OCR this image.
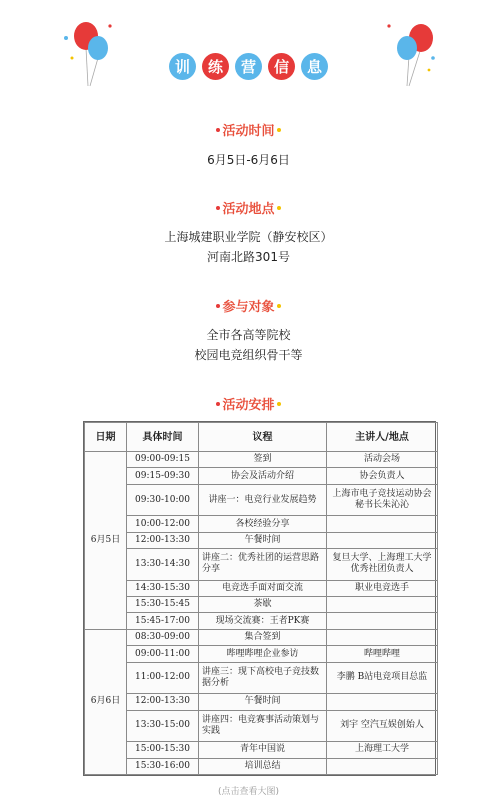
训	练	营	信	息
活动时间
6月5日-6月6日
活动地点
上海城建职业学院（静安校区）
河南北路301号
参与对象
全市各高等院校
校园电竞组织骨干等
活动安排
日期	具体时间	议程	主讲人/地点
6月5日	09:00-09:15	签到	活动会场
	09:15-09:30	协会及活动介绍	协会负责人
	09:30-10:00	讲座一：电竞行业发展趋势	上海市电子竞技运动协会秘书长朱沁沁
	10:00-12:00	各校经验分享	
	12:00-13:30	午餐时间	
	13:30-14:30	讲座二：优秀社团的运营思路分享	复旦大学、上海理工大学优秀社团负责人
	14:30-15:30	电竞选手面对面交流	职业电竞选手
	15:30-15:45	茶歇	
	15:45-17:00	现场交流赛：王者PK赛	
6月6日	08:30-09:00	集合签到	
	09:00-11:00	哔哩哔哩企业参访	哔哩哔哩
	11:00-12:00	讲座三：现下高校电子竞技数据分析	李鹏 B站电竞项目总监
	12:00-13:30	午餐时间	
	13:30-15:00	讲座四：电竞赛事活动策划与实践	刘宇 空汽互娱创始人
	15:00-15:30	青年中国说	上海理工大学
	15:30-16:00	培训总结	
(点击查看大图)
